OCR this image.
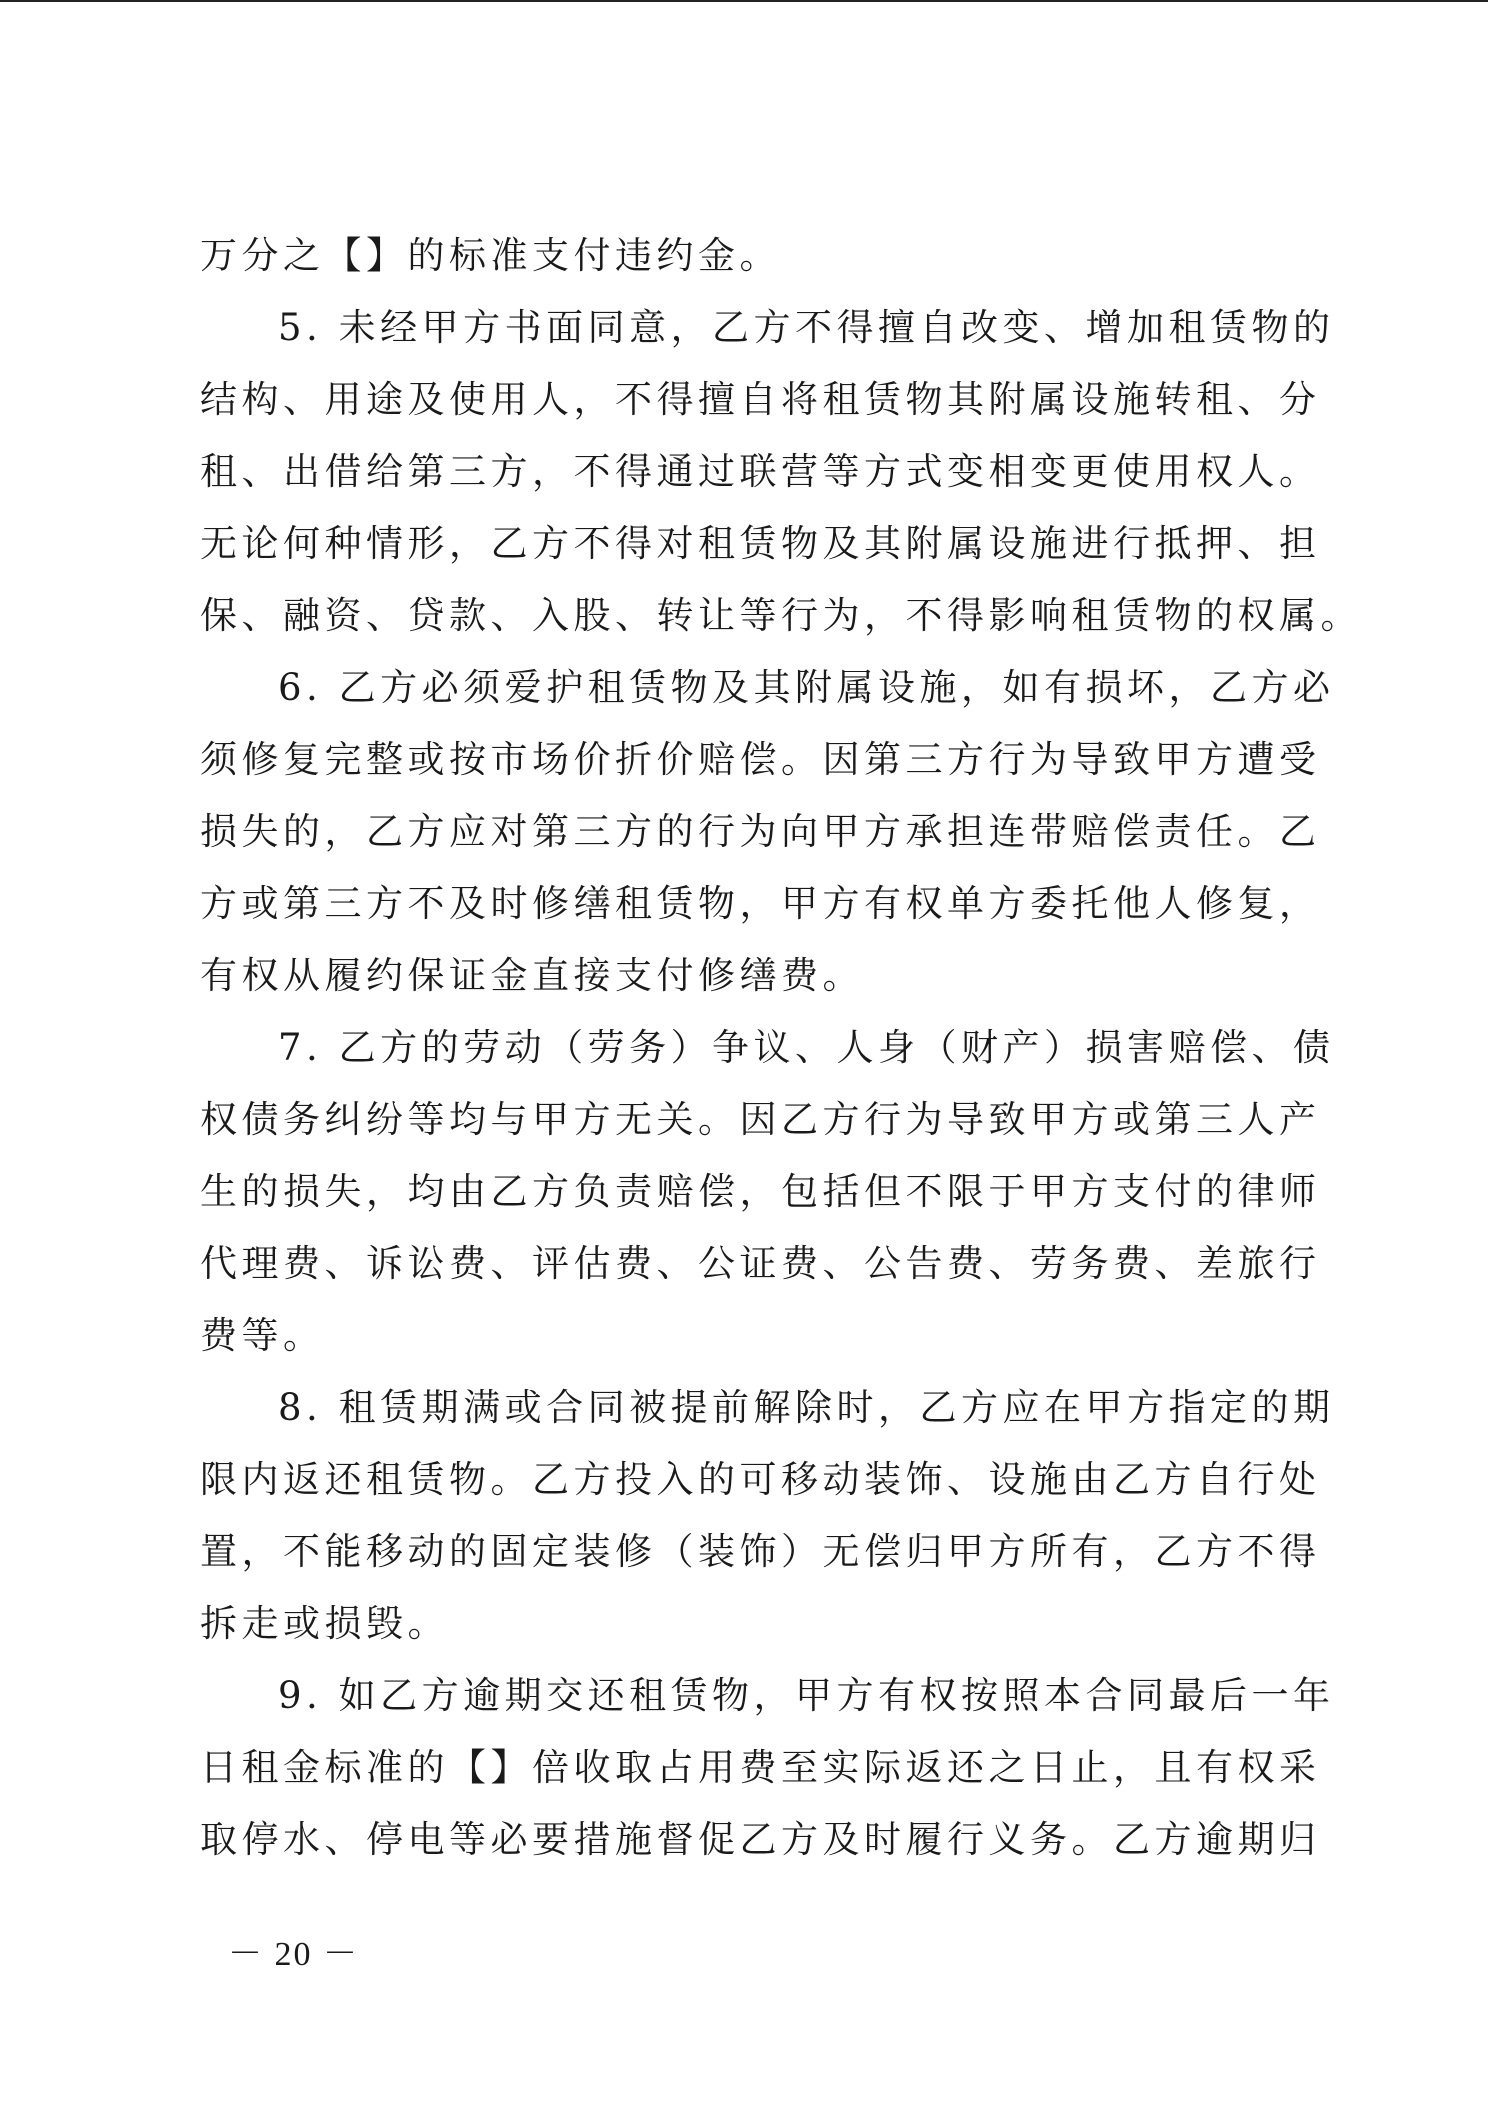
万分之【】的标准支付违约金。
5. 未经甲方书面同意，乙方不得擅自改变、增加租赁物的
结构、用途及使用人，不得擅自将租赁物其附属设施转租、分
租、出借给第三方，不得通过联营等方式变相变更使用权人。
无论何种情形，乙方不得对租赁物及其附属设施进行抵押、担
保、融资、贷款、入股、转让等行为，不得影响租赁物的权属。
6. 乙方必须爱护租赁物及其附属设施，如有损坏，乙方必
须修复完整或按市场价折价赔偿。因第三方行为导致甲方遭受
损失的，乙方应对第三方的行为向甲方承担连带赔偿责任。乙
方或第三方不及时修缮租赁物，甲方有权单方委托他人修复，
有权从履约保证金直接支付修缮费。
7. 乙方的劳动（劳务）争议、人身（财产）损害赔偿、债
权债务纠纷等均与甲方无关。因乙方行为导致甲方或第三人产
生的损失，均由乙方负责赔偿，包括但不限于甲方支付的律师
代理费、诉讼费、评估费、公证费、公告费、劳务费、差旅行
费等。
8. 租赁期满或合同被提前解除时，乙方应在甲方指定的期
限内返还租赁物。乙方投入的可移动装饰、设施由乙方自行处
置，不能移动的固定装修（装饰）无偿归甲方所有，乙方不得
拆走或损毁。
9. 如乙方逾期交还租赁物，甲方有权按照本合同最后一年
日租金标准的【】倍收取占用费至实际返还之日止，且有权采
取停水、停电等必要措施督促乙方及时履行义务。乙方逾期归
－ 20 －
